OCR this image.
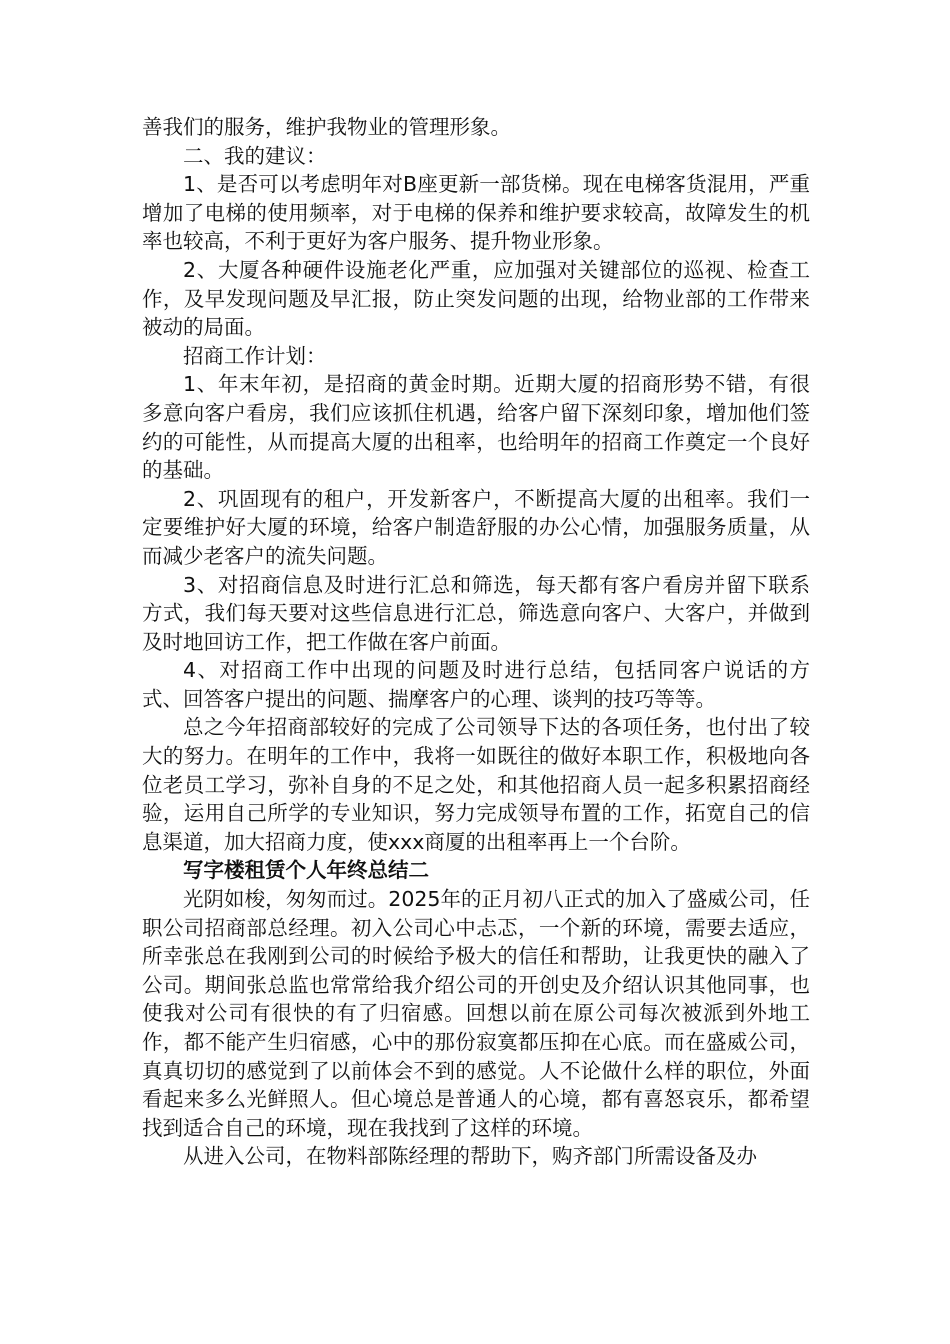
善我们的服务，维护我物业的管理形象。

二、我的建议：

1、是否可以考虑明年对B座更新一部货梯。现在电梯客货混用，严重增加了电梯的使用频率，对于电梯的保养和维护要求较高，故障发生的机率也较高，不利于更好为客户服务、提升物业形象。

2、大厦各种硬件设施老化严重，应加强对关键部位的巡视、检查工作，及早发现问题及早汇报，防止突发问题的出现，给物业部的工作带来被动的局面。

招商工作计划：

1、年末年初，是招商的黄金时期。近期大厦的招商形势不错，有很多意向客户看房，我们应该抓住机遇，给客户留下深刻印象，增加他们签约的可能性，从而提高大厦的出租率，也给明年的招商工作奠定一个良好的基础。

2、巩固现有的租户，开发新客户，不断提高大厦的出租率。我们一定要维护好大厦的环境，给客户制造舒服的办公心情，加强服务质量，从而减少老客户的流失问题。

3、对招商信息及时进行汇总和筛选，每天都有客户看房并留下联系方式，我们每天要对这些信息进行汇总，筛选意向客户、大客户，并做到及时地回访工作，把工作做在客户前面。

4、对招商工作中出现的问题及时进行总结，包括同客户说话的方式、回答客户提出的问题、揣摩客户的心理、谈判的技巧等等。

总之今年招商部较好的完成了公司领导下达的各项任务，也付出了较大的努力。在明年的工作中，我将一如既往的做好本职工作，积极地向各位老员工学习，弥补自身的不足之处，和其他招商人员一起多积累招商经验，运用自己所学的专业知识，努力完成领导布置的工作，拓宽自己的信息渠道，加大招商力度，使xxx商厦的出租率再上一个台阶。

写字楼租赁个人年终总结二

光阴如梭，匆匆而过。2025年的正月初八正式的加入了盛威公司，任职公司招商部总经理。初入公司心中忐忑，一个新的环境，需要去适应，所幸张总在我刚到公司的时候给予极大的信任和帮助，让我更快的融入了公司。期间张总监也常常给我介绍公司的开创史及介绍认识其他同事，也使我对公司有很快的有了归宿感。回想以前在原公司每次被派到外地工作，都不能产生归宿感，心中的那份寂寞都压抑在心底。而在盛威公司，真真切切的感觉到了以前体会不到的感觉。人不论做什么样的职位，外面看起来多么光鲜照人。但心境总是普通人的心境，都有喜怒哀乐，都希望找到适合自己的环境，现在我找到了这样的环境。

从进入公司，在物料部陈经理的帮助下，购齐部门所需设备及办
